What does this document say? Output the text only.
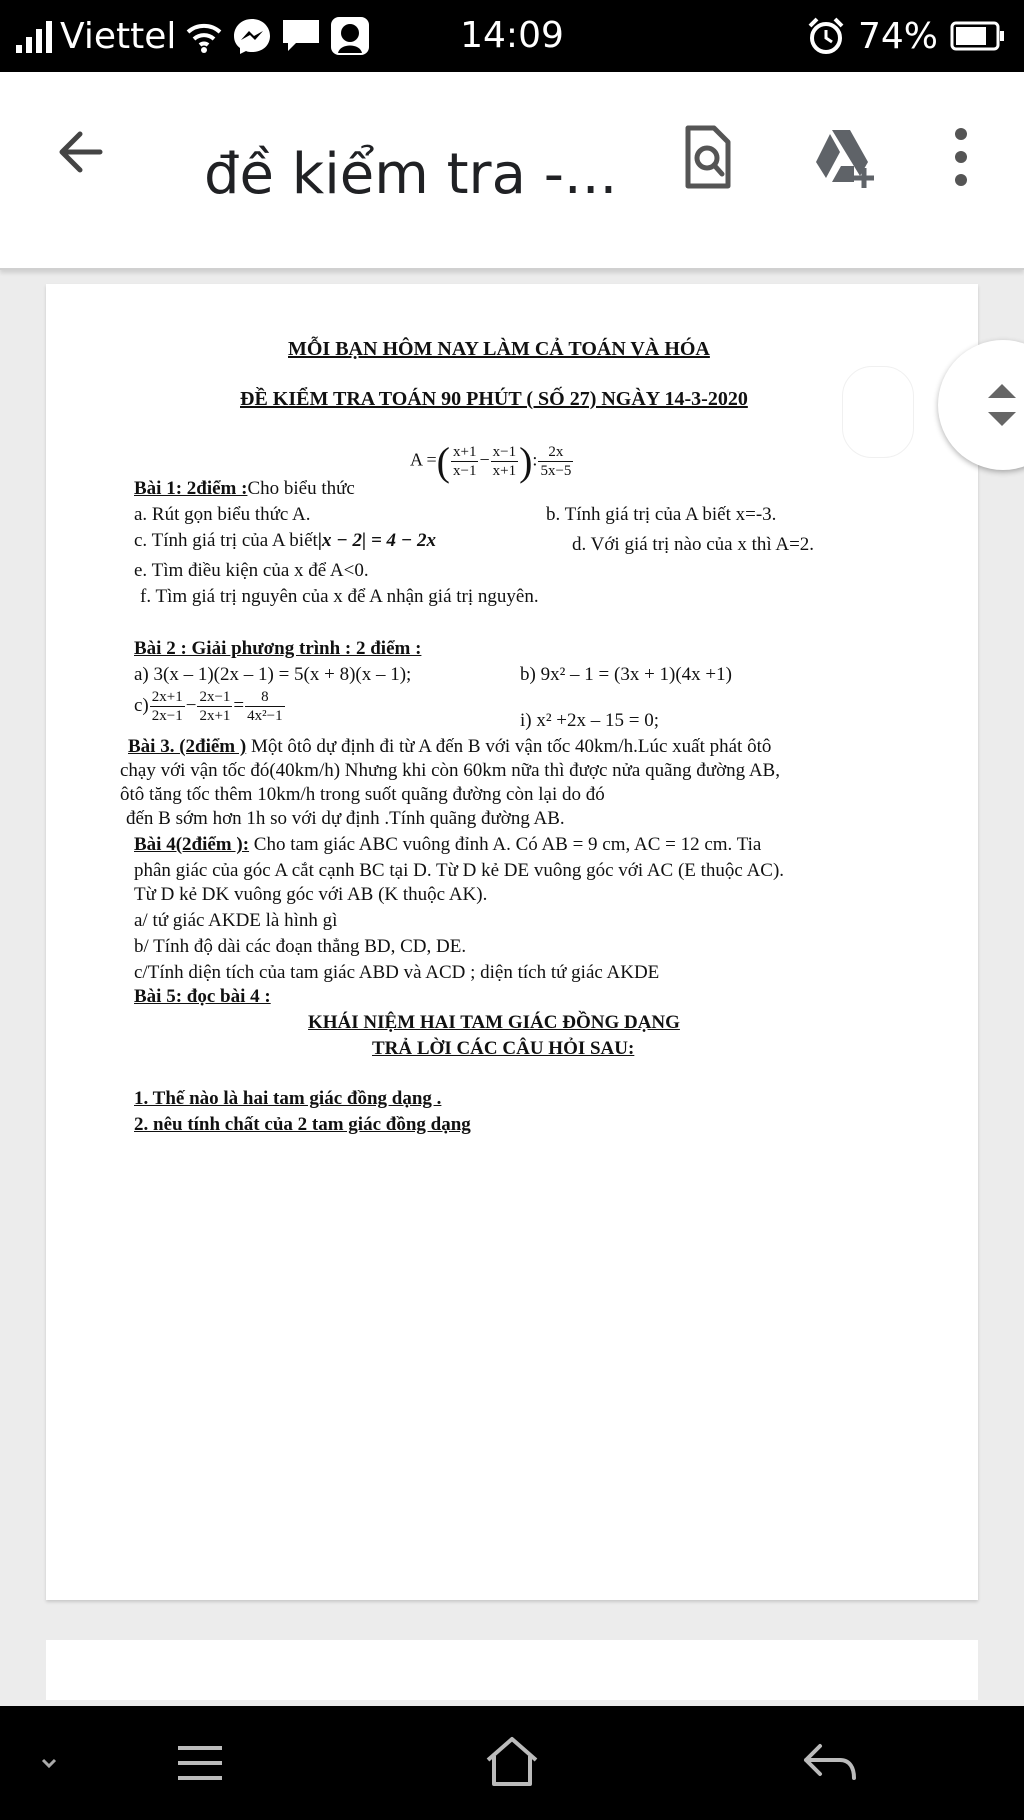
Viettel	14:09	74%
đề kiểm tra -...
MỖI BẠN HÔM NAY LÀM CẢ TOÁN VÀ HÓA
ĐỀ KIỂM TRA TOÁN 90 PHÚT ( SỐ 27) NGÀY 14-3-2020
A =( $\frac{x+1}{x-1} - \frac{x-1}{x+1}$ ): $\frac{2x}{5x-5}$
Bài 1: 2điểm :Cho biểu thức
a. Rút gọn biểu thức A.	b. Tính giá trị của A biết x=-3.
c. Tính giá trị của A biết|x − 2| = 4 − 2x	d. Với giá trị nào của x thì A=2.
e. Tìm điều kiện của x để A<0.
f. Tìm giá trị nguyên của x để A nhận giá trị nguyên.
Bài 2 : Giải phương trình : 2 điểm :
a) 3(x – 1)(2x – 1) = 5(x + 8)(x – 1);	b) 9x² – 1 = (3x + 1)(4x +1)
$c) \frac{2x+1}{2x-1} - \frac{2x-1}{2x+1} = \frac{8}{\text{4x²−1}}$	i) x² +2x – 15 = 0;
Bài 3. (2điểm ) Một ôtô dự định đi từ A đến B với vận tốc 40km/h.Lúc xuất phát ôtô
chạy với vận tốc đó(40km/h) Nhưng khi còn 60km nữa thì được nửa quãng đường AB,
ôtô tăng tốc thêm 10km/h trong suốt quãng đường còn lại do đó
đến B sớm hơn 1h so với dự định .Tính quãng đường AB.
Bài 4(2điểm ): Cho tam giác ABC vuông đỉnh A. Có AB = 9 cm, AC = 12 cm. Tia
phân giác của góc A cắt cạnh BC tại D. Từ D kẻ DE vuông góc với AC (E thuộc AC).
Từ D kẻ DK vuông góc với AB (K thuộc AK).
a/ tứ giác AKDE là hình gì
b/ Tính độ dài các đoạn thẳng BD, CD, DE.
c/Tính diện tích của tam giác ABD và ACD ; diện tích tứ giác AKDE
Bài 5: đọc bài 4 :
KHÁI NIỆM HAI TAM GIÁC ĐỒNG DẠNG
TRẢ LỜI CÁC CÂU HỎI SAU:
1. Thế nào là hai tam giác đồng dạng .
2. nêu tính chất của 2 tam giác đồng dạng
